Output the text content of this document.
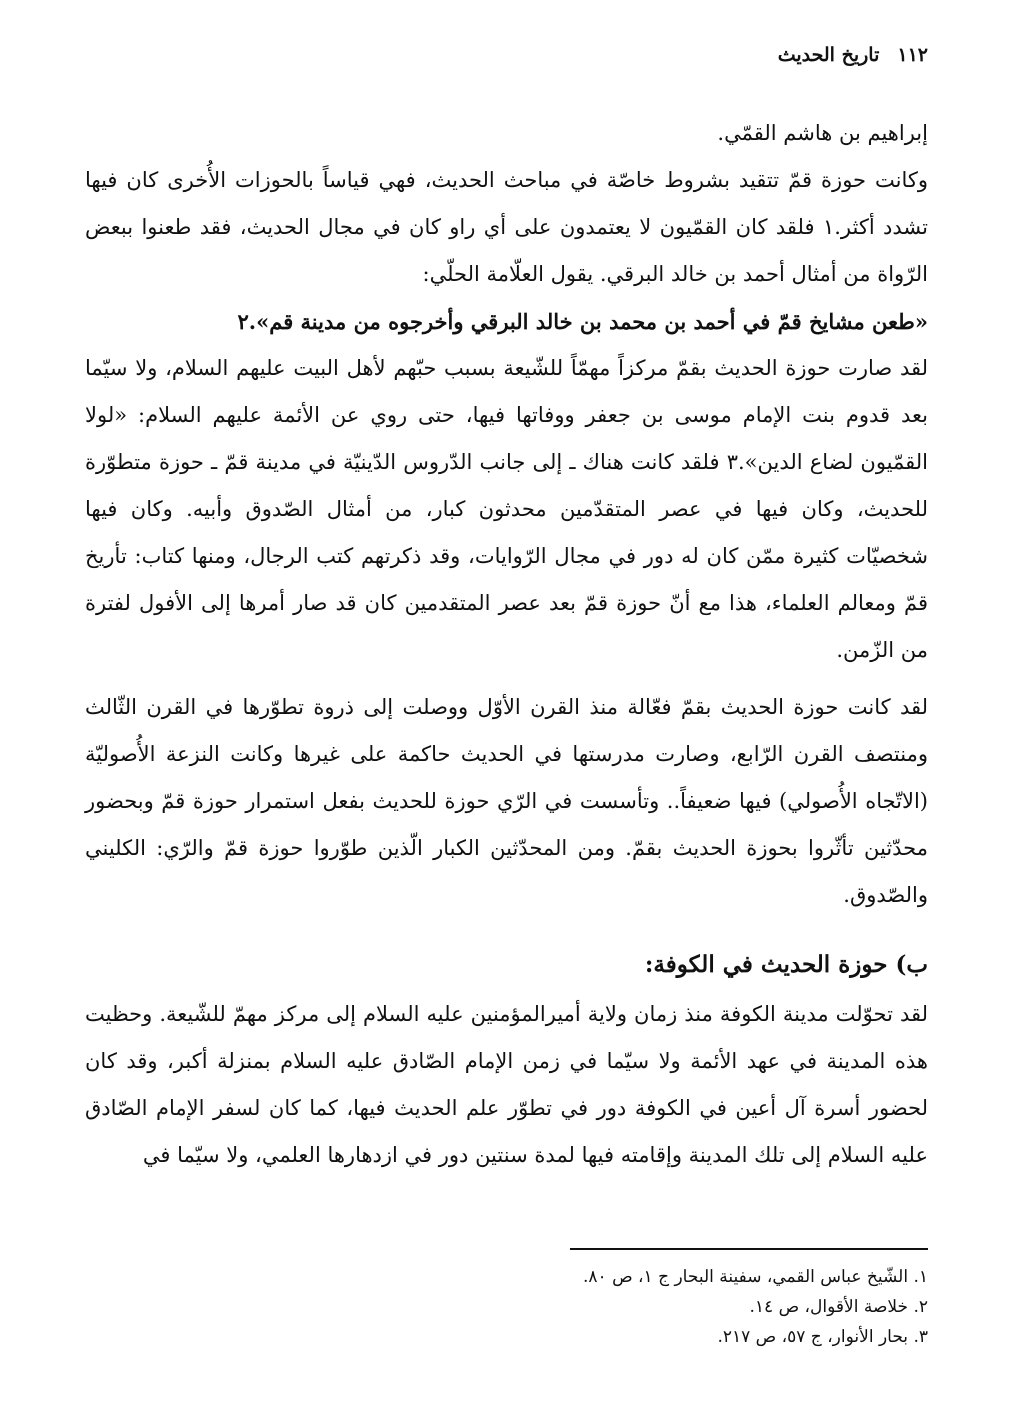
١١٢
تاريخ الحديث

إبراهيم بن هاشم القمّي.

وكانت حوزة قمّ تتقيد بشروط خاصّة في مباحث الحديث، فهي قياساً بالحوزات الأُخرى كان فيها تشدد أكثر.١ فلقد كان القمّيون لا يعتمدون على أي راو كان في مجال الحديث، فقد طعنوا ببعض الرّواة من أمثال أحمد بن خالد البرقي. يقول العلّامة الحلّي:

«طعن مشايخ قمّ في أحمد بن محمد بن خالد البرقي وأخرجوه من مدينة قم».٢

لقد صارت حوزة الحديث بقمّ مركزاً مهمّاً للشّيعة بسبب حبّهم لأهل البيت عليهم السلام، ولا سيّما بعد قدوم بنت الإمام موسى بن جعفر ووفاتها فيها، حتى روي عن الأئمة عليهم السلام: «لولا القمّيون لضاع الدين».٣ فلقد كانت هناك ـ إلى جانب الدّروس الدّينيّة في مدينة قمّ ـ حوزة متطوّرة للحديث، وكان فيها في عصر المتقدّمين محدثون كبار، من أمثال الصّدوق وأبيه. وكان فيها شخصيّات كثيرة ممّن كان له دور في مجال الرّوايات، وقد ذكرتهم كتب الرجال، ومنها كتاب: تأريخ قمّ ومعالم العلماء، هذا مع أنّ حوزة قمّ بعد عصر المتقدمين كان قد صار أمرها إلى الأفول لفترة من الزّمن.

لقد كانت حوزة الحديث بقمّ فعّالة منذ القرن الأوّل ووصلت إلى ذروة تطوّرها في القرن الثّالث ومنتصف القرن الرّابع، وصارت مدرستها في الحديث حاكمة على غيرها وكانت النزعة الأُصوليّة (الاتّجاه الأُصولي) فيها ضعيفاً.. وتأسست في الرّي حوزة للحديث بفعل استمرار حوزة قمّ وبحضور محدّثين تأثّروا بحوزة الحديث بقمّ. ومن المحدّثين الكبار الّذين طوّروا حوزة قمّ والرّي: الكليني والصّدوق.

ب) حوزة الحديث في الكوفة:

لقد تحوّلت مدينة الكوفة منذ زمان ولاية أميرالمؤمنين عليه السلام إلى مركز مهمّ للشّيعة. وحظيت هذه المدينة في عهد الأئمة ولا سيّما في زمن الإمام الصّادق عليه السلام بمنزلة أكبر، وقد كان لحضور أسرة آل أعين في الكوفة دور في تطوّر علم الحديث فيها، كما كان لسفر الإمام الصّادق عليه السلام إلى تلك المدينة وإقامته فيها لمدة سنتين دور في ازدهارها العلمي، ولا سيّما في

١. الشّيخ عباس القمي، سفينة البحار ج ١، ص ٨٠.
٢. خلاصة الأقوال، ص ١٤.
٣. بحار الأنوار، ج ٥٧، ص ٢١٧.
